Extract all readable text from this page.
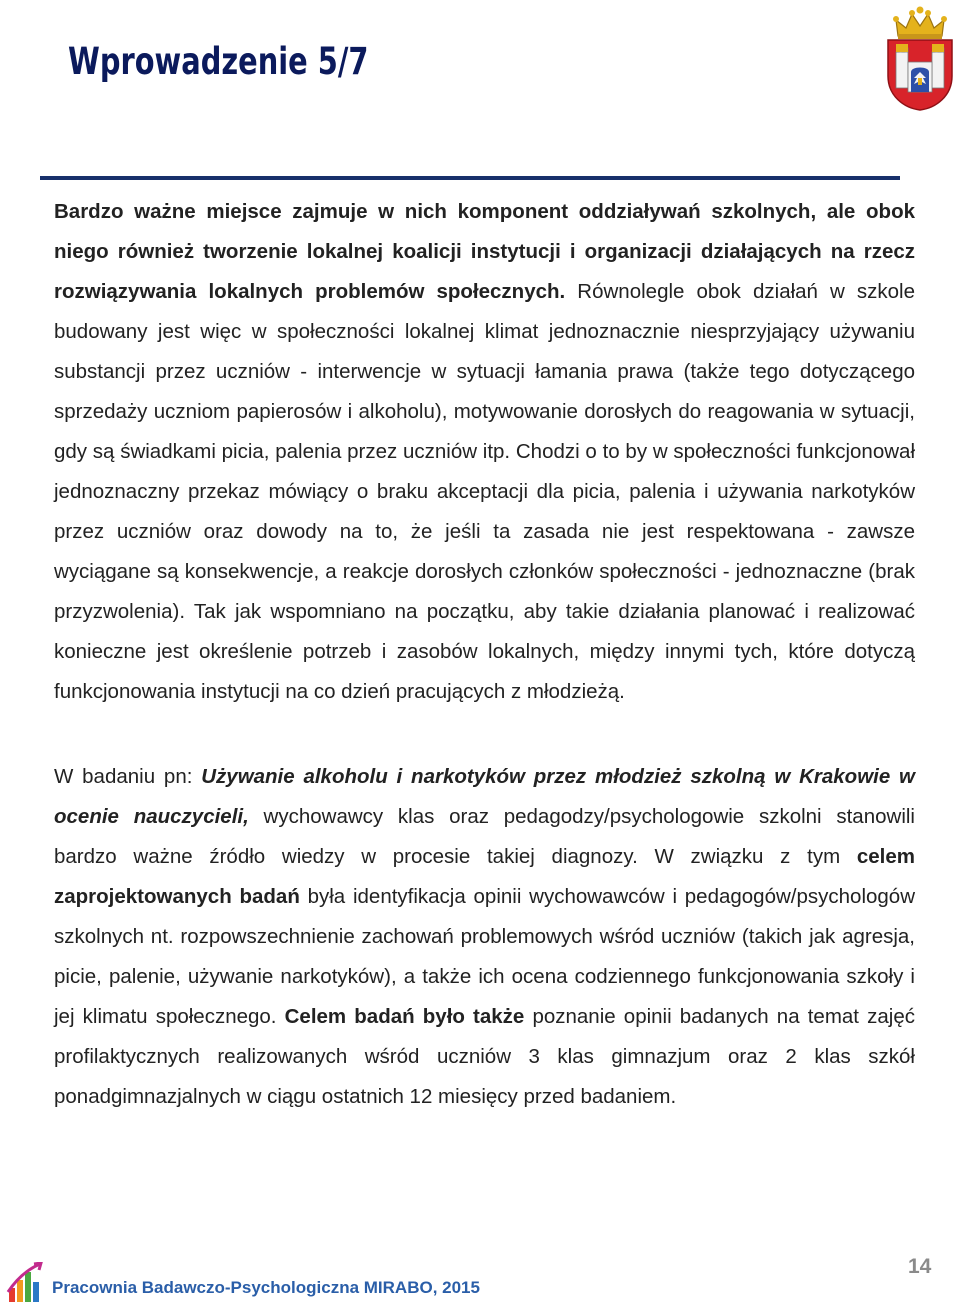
Wprowadzenie 5/7

Bardzo ważne miejsce zajmuje w nich komponent oddziaływań szkolnych, ale obok niego również tworzenie lokalnej koalicji instytucji i organizacji działających na rzecz rozwiązywania lokalnych problemów społecznych. Równolegle obok działań w szkole budowany jest więc w społeczności lokalnej klimat jednoznacznie niesprzyjający używaniu substancji przez uczniów - interwencje w sytuacji łamania prawa (także tego dotyczącego sprzedaży uczniom papierosów i alkoholu), motywowanie dorosłych do reagowania w sytuacji, gdy są świadkami picia, palenia przez uczniów itp. Chodzi o to by w społeczności funkcjonował jednoznaczny przekaz mówiący o braku akceptacji dla picia, palenia i używania narkotyków przez uczniów oraz dowody na to, że jeśli ta zasada nie jest respektowana - zawsze wyciągane są konsekwencje, a reakcje dorosłych członków społeczności - jednoznaczne (brak przyzwolenia). Tak jak wspomniano na początku, aby takie działania planować i realizować konieczne jest określenie potrzeb i zasobów lokalnych, między innymi tych, które dotyczą funkcjonowania instytucji na co dzień pracujących z młodzieżą.

W badaniu pn: Używanie alkoholu i narkotyków przez młodzież szkolną w Krakowie w ocenie nauczycieli, wychowawcy klas oraz pedagodzy/psychologowie szkolni stanowili bardzo ważne źródło wiedzy w procesie takiej diagnozy. W związku z tym celem zaprojektowanych badań była identyfikacja opinii wychowawców i pedagogów/psychologów szkolnych nt. rozpowszechnienie zachowań problemowych wśród uczniów (takich jak agresja, picie, palenie, używanie narkotyków), a także ich ocena codziennego funkcjonowania szkoły i jej klimatu społecznego. Celem badań było także poznanie opinii badanych na temat zajęć profilaktycznych realizowanych wśród uczniów 3 klas gimnazjum oraz 2 klas szkół ponadgimnazjalnych w ciągu ostatnich 12 miesięcy przed badaniem.

Pracownia Badawczo-Psychologiczna MIRABO, 2015
14
